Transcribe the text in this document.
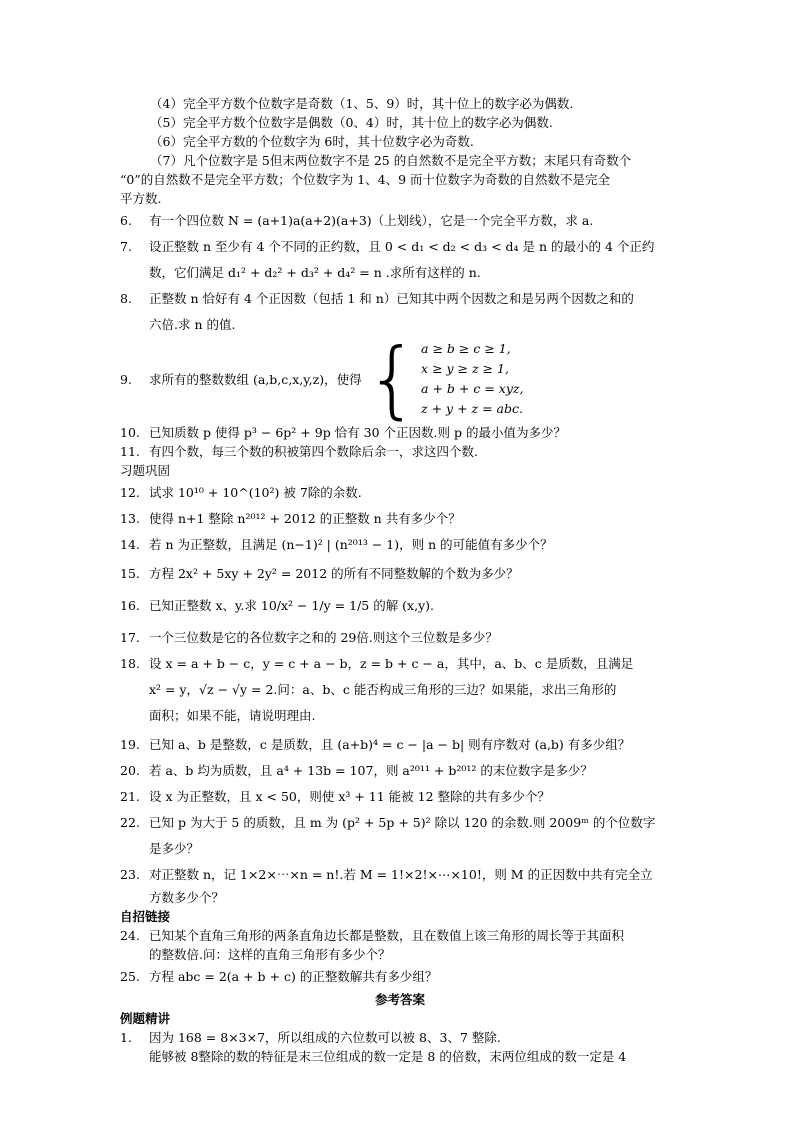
（4）完全平方数个位数字是奇数（1、5、9）时，其十位上的数字必为偶数.
（5）完全平方数个位数字是偶数（0、4）时，其十位上的数字必为偶数.
（6）完全平方数的个位数字为 6时，其十位数字必为奇数.
（7）凡个位数字是 5但末两位数字不是 25 的自然数不是完全平方数；末尾只有奇数个
“0”的自然数不是完全平方数；个位数字为 1、4、9 而十位数字为奇数的自然数不是完全
平方数.
6. 有一个四位数 N = (a+1)a(a+2)(a+3)（上划线），它是一个完全平方数，求 a.
7. 设正整数 n 至少有 4 个不同的正约数，且 0 < d₁ < d₂ < d₃ < d₄ 是 n 的最小的 4 个正约
数，它们满足 d₁² + d₂² + d₃² + d₄² = n .求所有这样的 n.
8. 正整数 n 恰好有 4 个正因数（包括 1 和 n）已知其中两个因数之和是另两个因数之和的
六倍.求 n 的值.
9.	求所有的整数数组 (a,b,c,x,y,z)，使得 { a ≥ b ≥ c ≥ 1,
x ≥ y ≥ z ≥ 1,
a + b + c = xyz,
z + y + z = abc.
10. 已知质数 p 使得 p³ − 6p² + 9p 恰有 30 个正因数.则 p 的最小值为多少？
11. 有四个数，每三个数的积被第四个数除后余一，求这四个数.
习题巩固
12. 试求 10¹⁰ + 10^(10²) 被 7除的余数.
13. 使得 n+1 整除 n²⁰¹² + 2012 的正整数 n 共有多少个？
14. 若 n 为正整数，且满足 (n−1)² | (n²⁰¹³ − 1)，则 n 的可能值有多少个？
15. 方程 2x² + 5xy + 2y² = 2012 的所有不同整数解的个数为多少？
16. 已知正整数 x、y.求 10/x² − 1/y = 1/5 的解 (x,y).
17. 一个三位数是它的各位数字之和的 29倍.则这个三位数是多少？
18. 设 x = a + b − c，y = c + a − b，z = b + c − a，其中，a、b、c 是质数，且满足
x² = y，√z − √y = 2.问：a、b、c 能否构成三角形的三边？如果能，求出三角形的
面积；如果不能，请说明理由.
19. 已知 a、b 是整数，c 是质数，且 (a+b)⁴ = c − |a − b| 则有序数对 (a,b) 有多少组？
20. 若 a、b 均为质数，且 a⁴ + 13b = 107，则 a²⁰¹¹ + b²⁰¹² 的末位数字是多少？
21. 设 x 为正整数，且 x < 50，则使 x³ + 11 能被 12 整除的共有多少个？
22. 已知 p 为大于 5 的质数，且 m 为 (p² + 5p + 5)² 除以 120 的余数.则 2009ᵐ 的个位数字
是多少？
23. 对正整数 n，记 1×2×⋯×n = n!.若 M = 1!×2!×⋯×10!，则 M 的正因数中共有完全立
方数多少个？
自招链接
24. 已知某个直角三角形的两条直角边长都是整数，且在数值上该三角形的周长等于其面积
的整数倍.问：这样的直角三角形有多少个？
25. 方程 abc = 2(a + b + c) 的正整数解共有多少组？
参考答案
例题精讲
1. 因为 168 = 8×3×7，所以组成的六位数可以被 8、3、7 整除.
能够被 8整除的数的特征是末三位组成的数一定是 8 的倍数，末两位组成的数一定是 4
